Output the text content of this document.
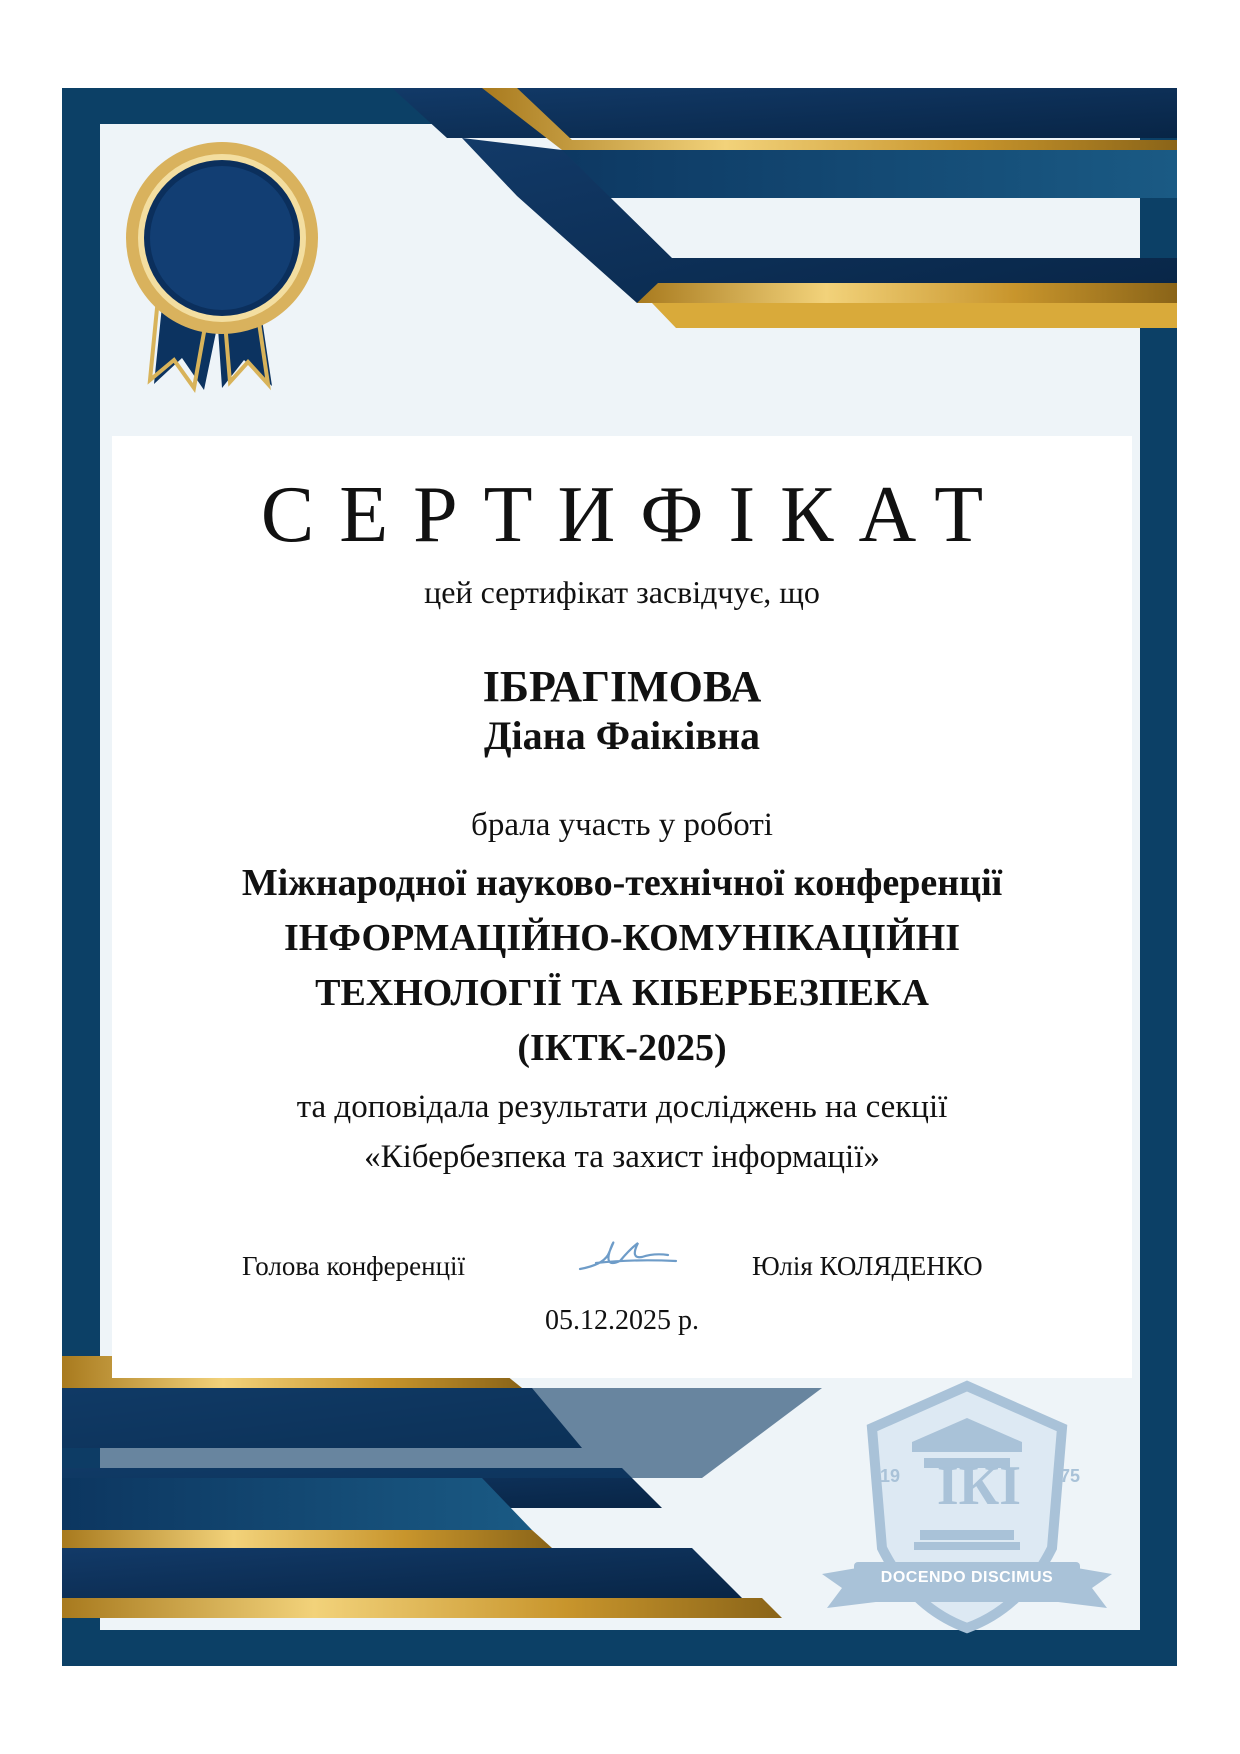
19 ІКІ 75
DOCENDO DISCIMUS
СЕРТИФІКАТ
цей сертифікат засвідчує, що
ІБРАГІМОВА
Діана Фаіківна
брала участь у роботі
Міжнародної науково-технічної конференції
ІНФОРМАЦІЙНО-КОМУНІКАЦІЙНІ
ТЕХНОЛОГІЇ ТА КІБЕРБЕЗПЕКА
(ІКТК-2025)
та доповідала результати досліджень на секції
«Кібербезпека та захист інформації»
Голова конференції	Юлія КОЛЯДЕНКО
05.12.2025 р.
